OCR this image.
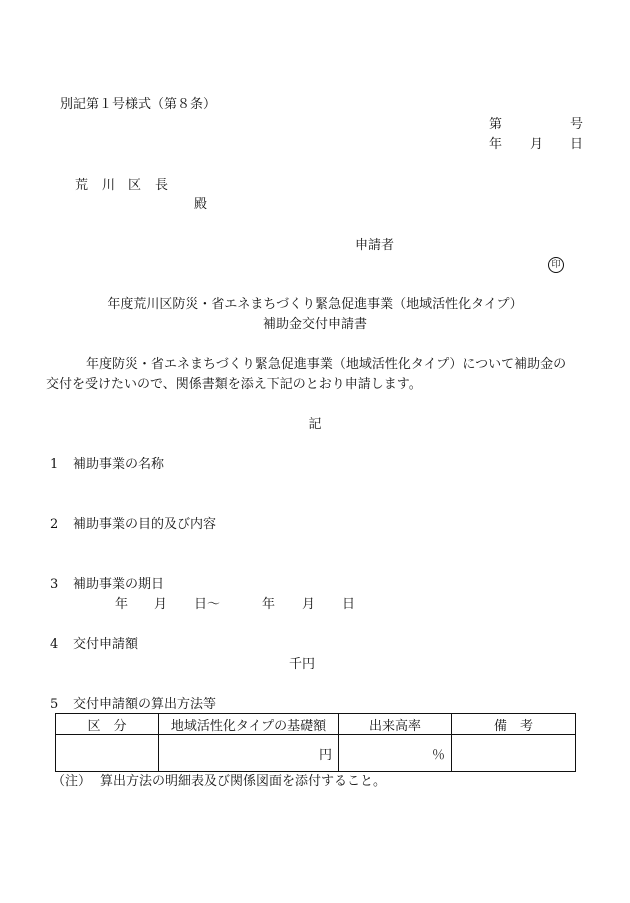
別記第１号様式（第８条）
第	号
年 月 日
荒 川 区 長
殿
申請者
印
年度荒川区防災・省エネまちづくり緊急促進事業（地域活性化タイプ）
補助金交付申請書
年度防災・省エネまちづくり緊急促進事業（地域活性化タイプ）について補助金の
交付を受けたいので、関係書類を添え下記のとおり申請します。
記
1 補助事業の名称
2 補助事業の目的及び内容
3 補助事業の期日
年 月 日～	年 月 日
4 交付申請額
千円
5 交付申請額の算出方法等
区　分	地域活性化タイプの基礎額	出来高率	備　考
	円	％	
（注） 算出方法の明細表及び関係図面を添付すること。
